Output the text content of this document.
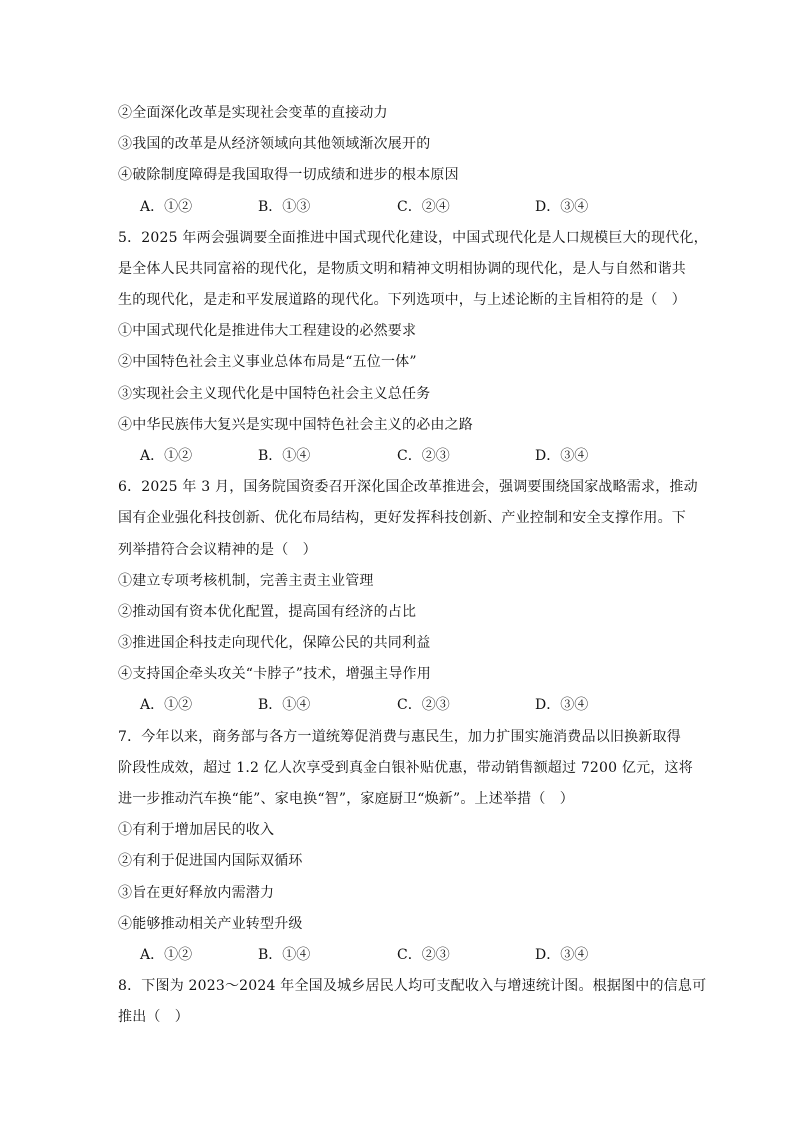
②全面深化改革是实现社会变革的直接动力
③我国的改革是从经济领域向其他领域渐次展开的
④破除制度障碍是我国取得一切成绩和进步的根本原因
A．①②	B．①③	C．②④	D．③④
5．2025 年两会强调要全面推进中国式现代化建设，中国式现代化是人口规模巨大的现代化，
是全体人民共同富裕的现代化，是物质文明和精神文明相协调的现代化，是人与自然和谐共
生的现代化，是走和平发展道路的现代化。下列选项中，与上述论断的主旨相符的是（　）
①中国式现代化是推进伟大工程建设的必然要求
②中国特色社会主义事业总体布局是“五位一体”
③实现社会主义现代化是中国特色社会主义总任务
④中华民族伟大复兴是实现中国特色社会主义的必由之路
A．①②	B．①④	C．②③	D．③④
6．2025 年 3 月，国务院国资委召开深化国企改革推进会，强调要围绕国家战略需求，推动
国有企业强化科技创新、优化布局结构，更好发挥科技创新、产业控制和安全支撑作用。下
列举措符合会议精神的是（　）
①建立专项考核机制，完善主责主业管理
②推动国有资本优化配置，提高国有经济的占比
③推进国企科技走向现代化，保障公民的共同利益
④支持国企牵头攻关“卡脖子”技术，增强主导作用
A．①②	B．①④	C．②③	D．③④
7．今年以来，商务部与各方一道统筹促消费与惠民生，加力扩围实施消费品以旧换新取得
阶段性成效，超过 1.2 亿人次享受到真金白银补贴优惠，带动销售额超过 7200 亿元，这将
进一步推动汽车换“能”、家电换“智”，家庭厨卫“焕新”。上述举措（　）
①有利于增加居民的收入
②有利于促进国内国际双循环
③旨在更好释放内需潜力
④能够推动相关产业转型升级
A．①②	B．①④	C．②③	D．③④
8．下图为 2023～2024 年全国及城乡居民人均可支配收入与增速统计图。根据图中的信息可
推出（　）
